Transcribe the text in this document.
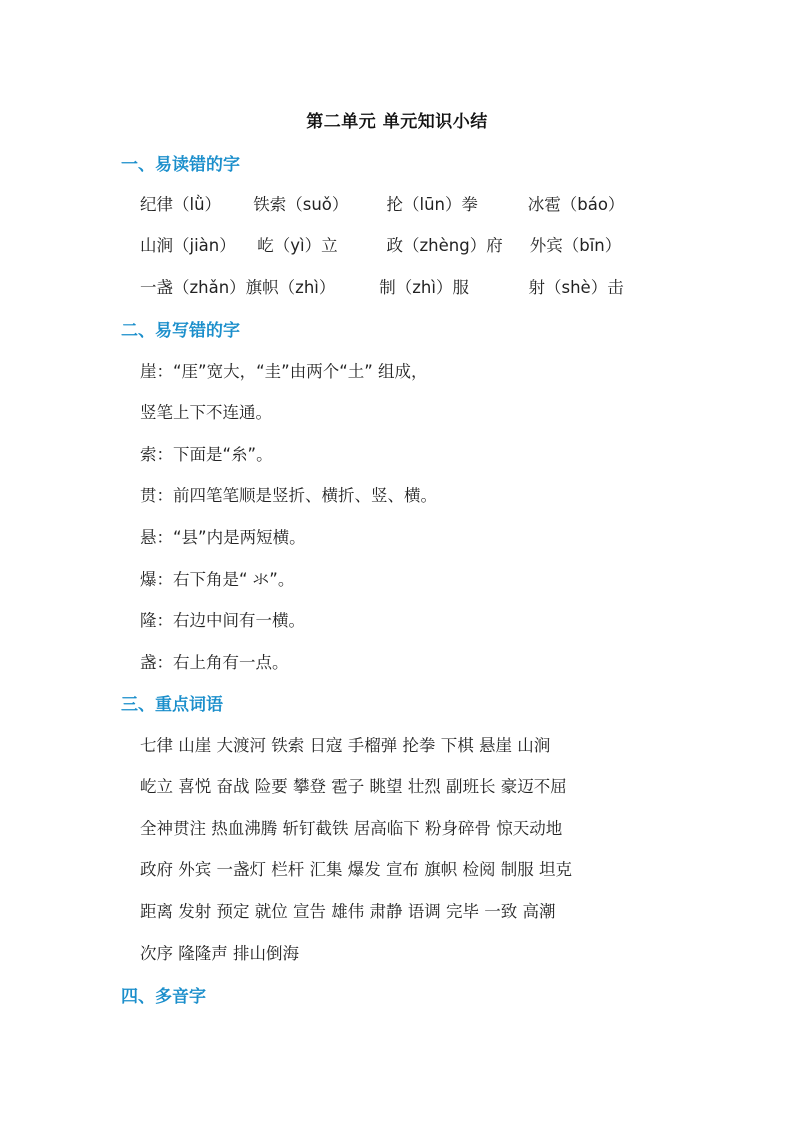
第二单元 单元知识小结
一、易读错的字
纪律（lǜ） 铁索（suǒ） 抡（lūn）拳	冰雹（báo）
山涧（jiàn） 屹（yì）立	政（zhèng）府 外宾（bīn）
一盏（zhǎn）旗帜（zhì）	制（zhì）服	射（shè）击
二、易写错的字
崖：“厓”宽大，“圭”由两个“土” 组成，
竖笔上下不连通。
索：下面是“糸”。
贯：前四笔笔顺是竖折、横折、竖、横。
悬：“县”内是两短横。
爆：右下角是“ 氺”。
隆：右边中间有一横。
盏：右上角有一点。
三、重点词语
七律 山崖 大渡河 铁索 日寇 手榴弹 抡拳 下棋 悬崖 山涧
屹立 喜悦 奋战 险要 攀登 雹子 眺望 壮烈 副班长 豪迈不屈
全神贯注 热血沸腾 斩钉截铁 居高临下 粉身碎骨 惊天动地
政府 外宾 一盏灯 栏杆 汇集 爆发 宣布 旗帜 检阅 制服 坦克
距离 发射 预定 就位 宣告 雄伟 肃静 语调 完毕 一致 高潮
次序 隆隆声 排山倒海
四、多音字
